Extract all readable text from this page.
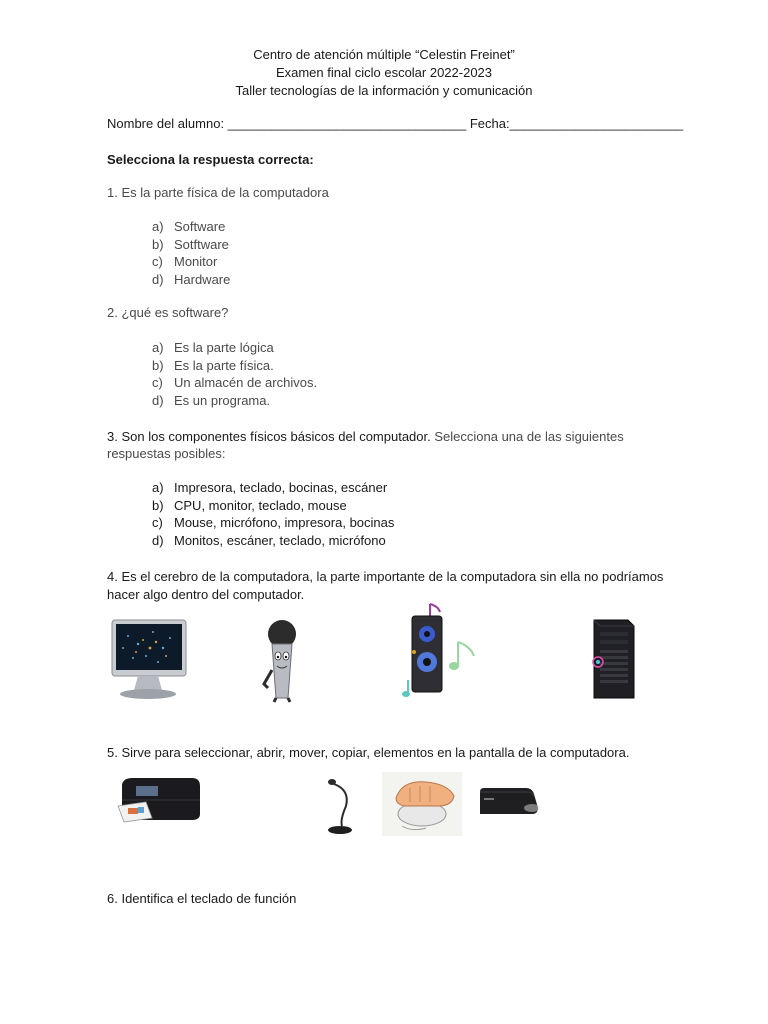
Centro de atención múltiple “Celestin Freinet”
Examen final ciclo escolar 2022-2023
Taller tecnologías de la información y comunicación
Nombre del alumno: _________________________________ Fecha:________________________
Selecciona la respuesta correcta:
1. Es la parte física de la computadora
a) Software
b) Sotftware
c) Monitor
d) Hardware
2. ¿qué es software?
a) Es la parte lógica
b) Es la parte física.
c) Un almacén de archivos.
d) Es un programa.
3. Son los componentes físicos básicos del computador. Selecciona una de las siguientes
respuestas posibles:
a) Impresora, teclado, bocinas, escáner
b) CPU, monitor, teclado, mouse
c) Mouse, micrófono, impresora, bocinas
d) Monitos, escáner, teclado, micrófono
4. Es el cerebro de la computadora, la parte importante de la computadora sin ella no podríamos
hacer algo dentro del computador.
5. Sirve para seleccionar, abrir, mover, copiar, elementos en la pantalla de la computadora.
6. Identifica el teclado de función
